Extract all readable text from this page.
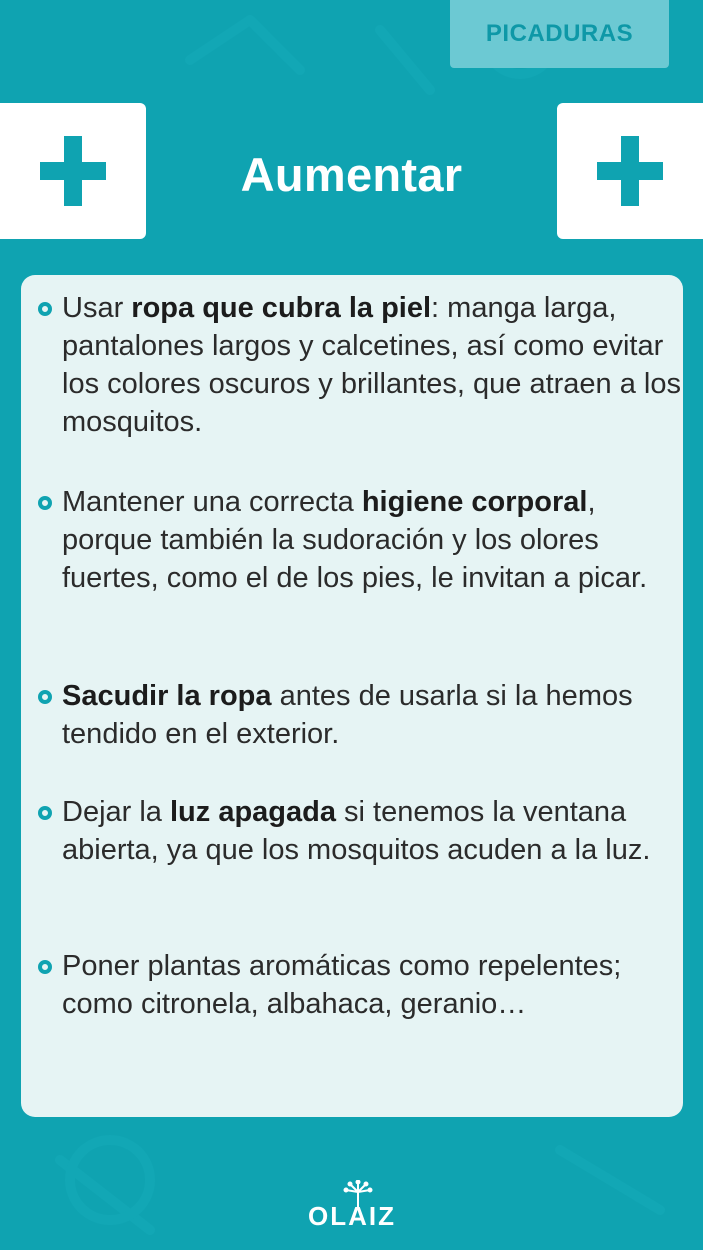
PICADURAS
Aumentar
Usar ropa que cubra la piel: manga larga, pantalones largos y calcetines, así como evitar los colores oscuros y brillantes, que atraen a los mosquitos.
Mantener una correcta higiene corporal, porque también la sudoración y los olores fuertes, como el de los pies, le invitan a picar.
Sacudir la ropa antes de usarla si la hemos tendido en el exterior.
Dejar la luz apagada si tenemos la ventana abierta, ya que los mosquitos acuden a la luz.
Poner plantas aromáticas como repelentes; como citronela, albahaca, geranio…
OLAIZ
